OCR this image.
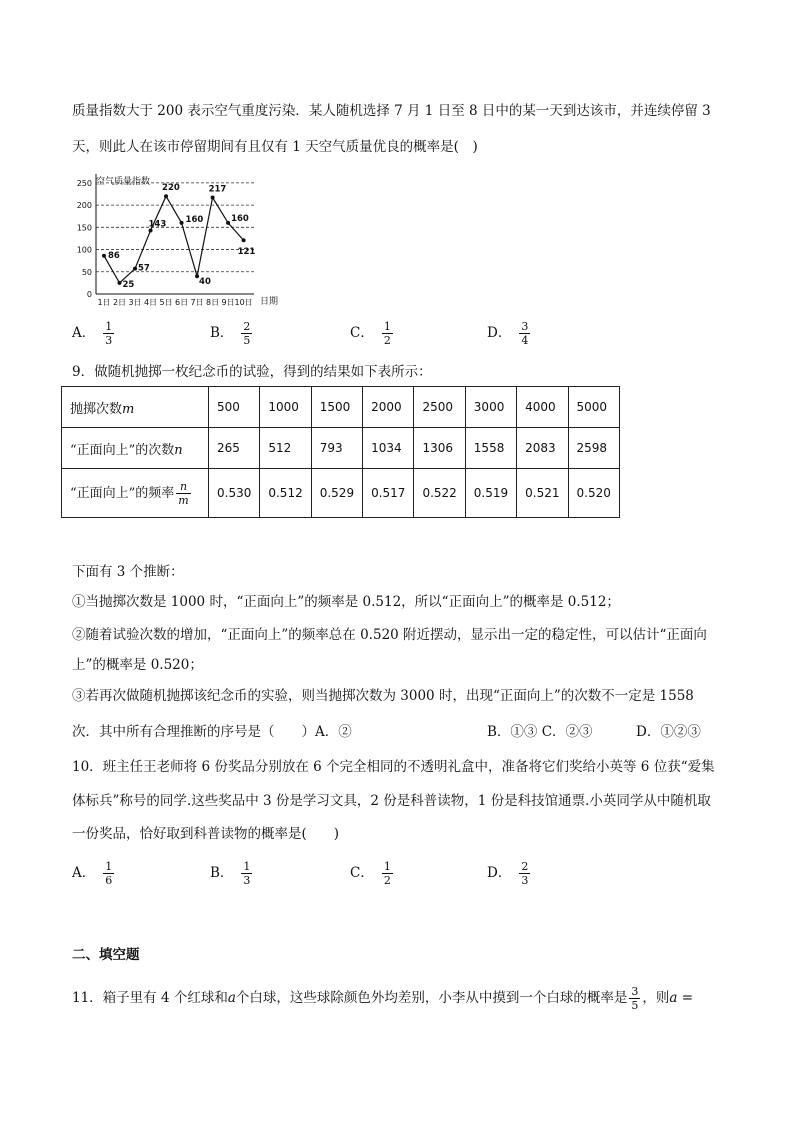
质量指数大于 200 表示空气重度污染．某人随机选择 7 月 1 日至 8 日中的某一天到达该市，并连续停留 3
天，则此人在该市停留期间有且仅有 1 天空气质量优良的概率是(　)
空气质量指数
日期
0
50
100
150
200
250
1日 2日 3日 4日 5日 6日 7日 8日 9日 10日
86
25
57
143
220
160
40
217
160
121
A． $\frac{1}{3}$	B． $\frac{2}{5}$	C． $\frac{1}{2}$	D． $\frac{3}{4}$
9．做随机抛掷一枚纪念币的试验，得到的结果如下表所示：
抛掷次数m	500	1000	1500	2000	2500	3000	4000	5000
“正面向上”的次数n	265	512	793	1034	1306	1558	2083	2598
“正面向上”的频率 $\frac{n}{m}$	0.530	0.512	0.529	0.517	0.522	0.519	0.521	0.520
下面有 3 个推断：
①当抛掷次数是 1000 时，“正面向上”的频率是 0.512，所以“正面向上”的概率是 0.512；
②随着试验次数的增加，“正面向上”的频率总在 0.520 附近摆动，显示出一定的稳定性，可以估计“正面向
上”的概率是 0.520；
③若再次做随机抛掷该纪念币的实验，则当抛掷次数为 3000 时，出现“正面向上”的次数不一定是 1558
次．其中所有合理推断的序号是（　　）A．②	B．①③ C．②③	D．①②③
10．班主任王老师将 6 份奖品分别放在 6 个完全相同的不透明礼盒中，准备将它们奖给小英等 6 位获“爱集
体标兵”称号的同学.这些奖品中 3 份是学习文具，2 份是科普读物，1 份是科技馆通票.小英同学从中随机取
一份奖品，恰好取到科普读物的概率是(　　)
A． $\frac{1}{6}$	B． $\frac{1}{3}$	C． $\frac{1}{2}$	D． $\frac{2}{3}$
二、填空题
11．箱子里有 4 个红球和a个白球，这些球除颜色外均差别，小李从中摸到一个白球的概率是 $\frac{3}{5}$ ，则a =
